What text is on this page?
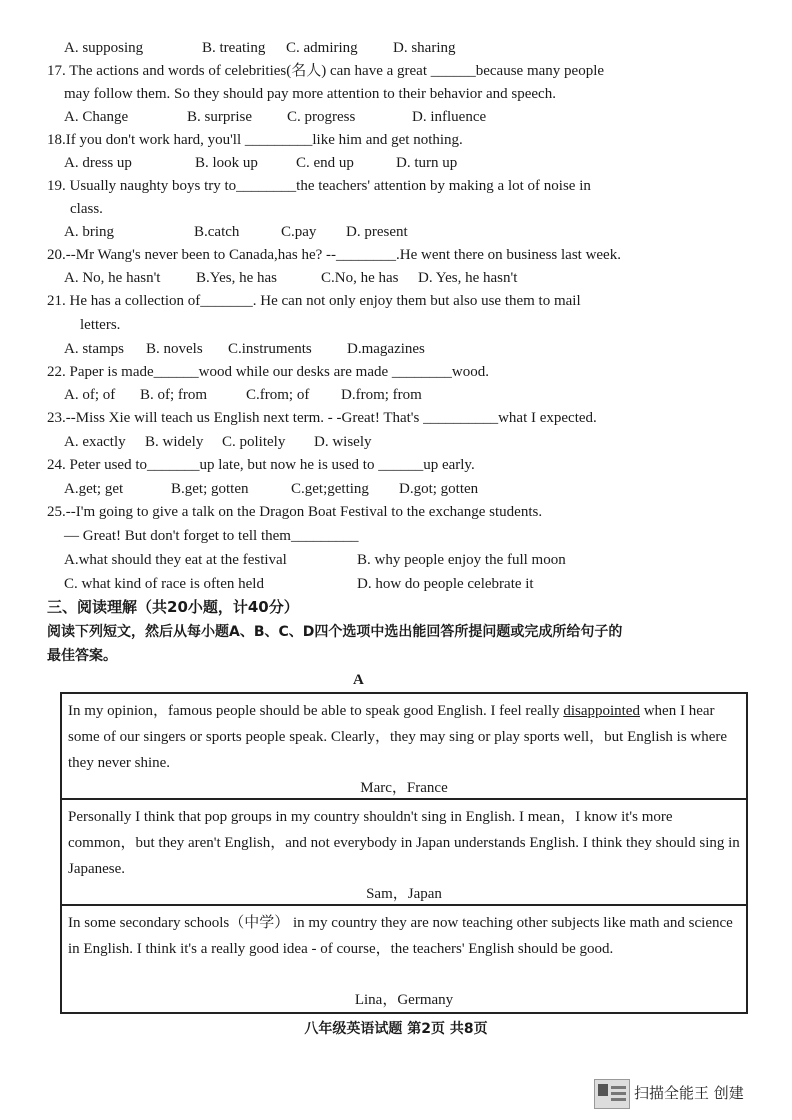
A. supposing	B. treating C. admiring D. sharing
17. The actions and words of celebrities(名人) can have a great ______because many people
may follow them. So they should pay more attention to their behavior and speech.
A. Change	B. surprise C. progress	D. influence
18.If you don't work hard, you'll _________like him and get nothing.
A. dress up	B. look up	C. end up	D. turn up
19. Usually naughty boys try to________the teachers' attention by making a lot of noise in
class.
A. bring	B.catch	C.pay D. present
20.--Mr Wang's never been to Canada,has he? --________.He went there on business last week.
A. No, he hasn't B.Yes, he has	C.No, he has D. Yes, he hasn't
21. He has a collection of_______. He can not only enjoy them but also use them to mail
letters.
A. stamps B. novels C.instruments D.magazines
22. Paper is made______wood while our desks are made ________wood.
A. of; of B. of; from	C.from; of D.from; from
23.--Miss Xie will teach us English next term. - -Great! That's __________what I expected.
A. exactly B. widely C. politely D. wisely
24. Peter used to_______up late, but now he is used to ______up early.
A.get; get	B.get; gotten	C.get;getting D.got; gotten
25.--I'm going to give a talk on the Dragon Boat Festival to the exchange students.
— Great! But don't forget to tell them_________
A.what should they eat at the festival	B. why people enjoy the full moon
C. what kind of race is often held	D. how do people celebrate it
三、阅读理解（共20小题，计40分）
阅读下列短文，然后从每小题A、B、C、D四个选项中选出能回答所提问题或完成所给句子的
最佳答案。
A
In my opinion，famous people should be able to speak good English. I feel really disappointed when I hear some of our singers or sports people speak. Clearly，they may sing or play sports well，but English is where they never shine.
Marc，France
Personally I think that pop groups in my country shouldn't sing in English. I mean，I know it's more common，but they aren't English，and not everybody in Japan understands English. I think they should sing in Japanese.
Sam，Japan
In some secondary schools（中学） in my country they are now teaching other subjects like math and science in English. I think it's a really good idea - of course，the teachers' English should be good.
Lina，Germany
八年级英语试题 第2页 共8页
扫描全能王 创建
